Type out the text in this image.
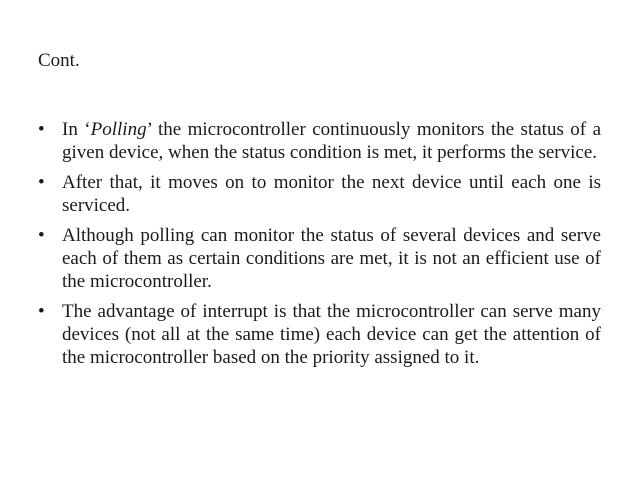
Cont.
• In ‘Polling’ the microcontroller continuously monitors the status of a given device, when the status condition is met, it performs the service.
• After that, it moves on to monitor the next device until each one is serviced.
• Although polling can monitor the status of several devices and serve each of them as certain conditions are met, it is not an efficient use of the microcontroller.
• The advantage of interrupt is that the microcontroller can serve many devices (not all at the same time) each device can get the attention of the microcontroller based on the priority assigned to it.
